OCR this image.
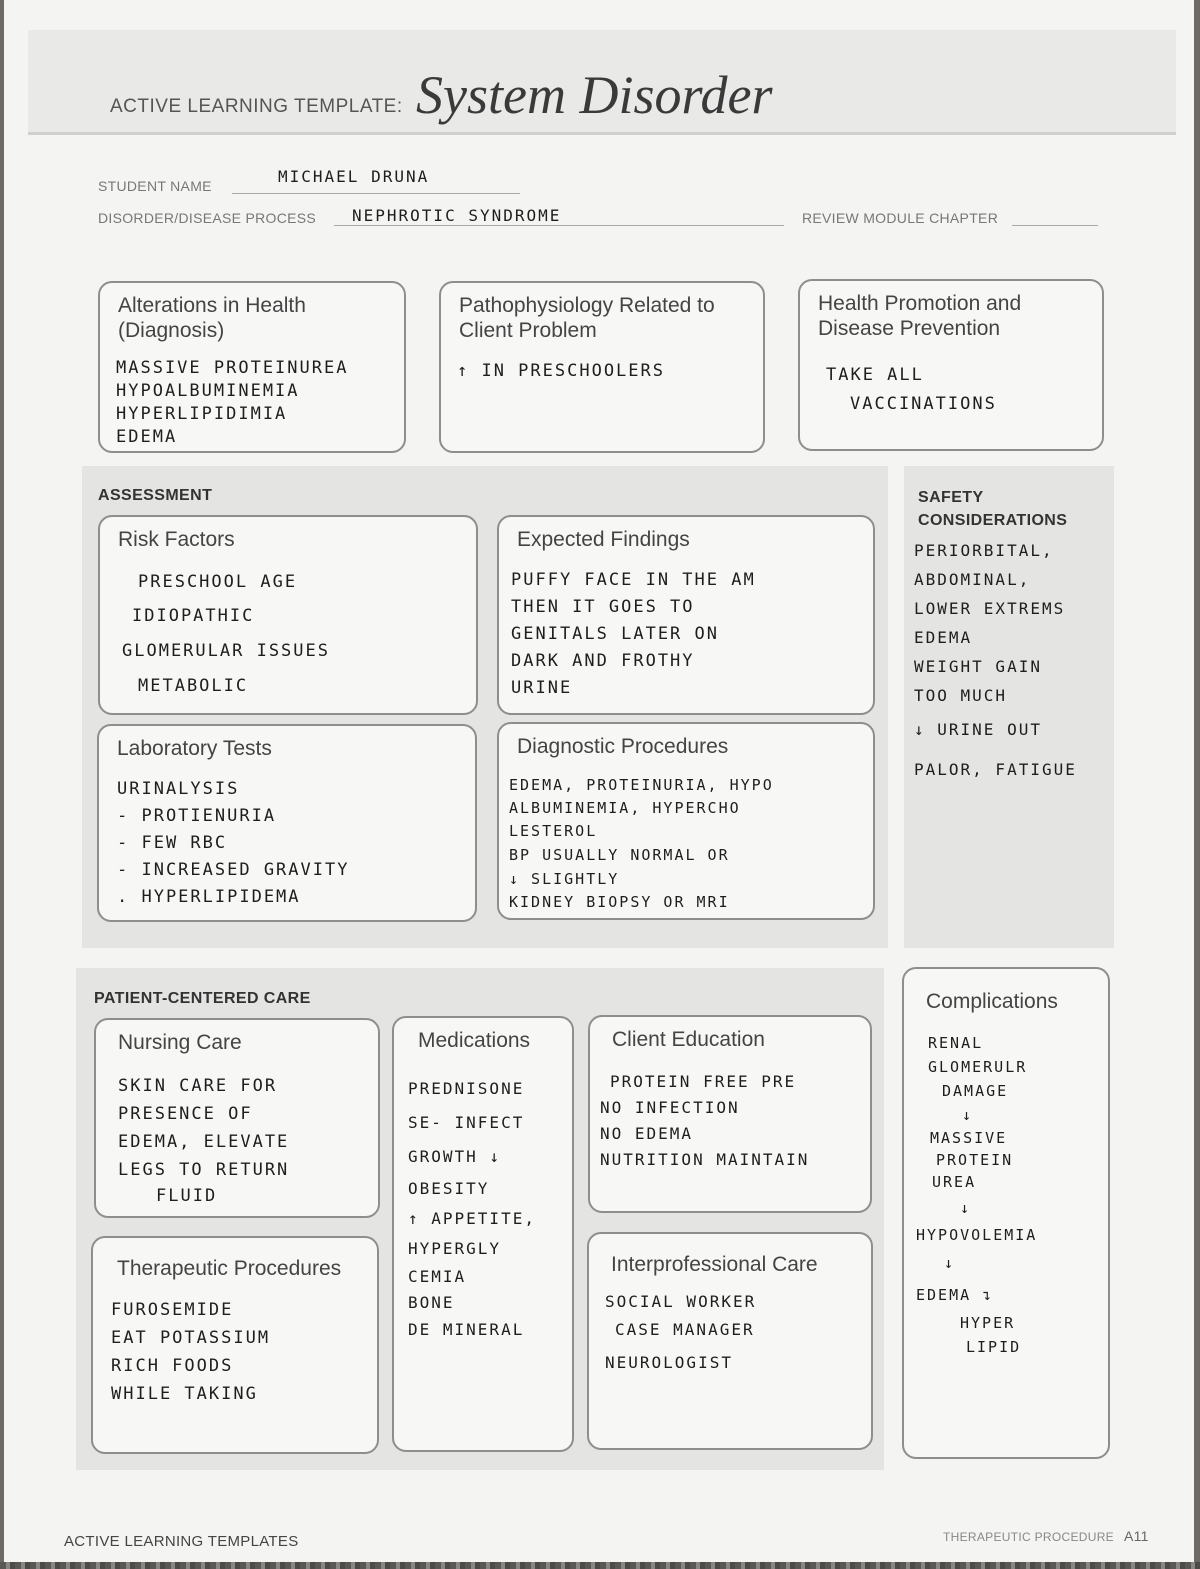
ACTIVE LEARNING TEMPLATE: System Disorder
STUDENT NAME	MICHAEL DRUNA
DISORDER/DISEASE PROCESS NEPHROTIC SYNDROME	REVIEW MODULE CHAPTER
Alterations in Health (Diagnosis)
MASSIVE PROTEINUREA
HYPOALBUMINEMIA
HYPERLIPIDIMIA
EDEMA
Pathophysiology Related to Client Problem
↑ IN PRESCHOOLERS
Health Promotion and Disease Prevention
TAKE ALL
VACCINATIONS
ASSESSMENT
Risk Factors
PRESCHOOL AGE
IDIOPATHIC
GLOMERULAR ISSUES
METABOLIC
Expected Findings
PUFFY FACE IN THE AM
THEN IT GOES TO
GENITALS LATER ON
DARK AND FROTHY
URINE
Laboratory Tests
URINALYSIS
- PROTIENURIA
- FEW RBC
- INCREASED GRAVITY
. HYPERLIPIDEMA
Diagnostic Procedures
EDEMA, PROTEINURIA, HYPO
ALBUMINEMIA, HYPERCHO
LESTEROL
BP USUALLY NORMAL OR
↓ SLIGHTLY
KIDNEY BIOPSY OR MRI
SAFETY CONSIDERATIONS
PERIORBITAL,
ABDOMINAL,
LOWER EXTREMS
EDEMA
WEIGHT GAIN
TOO MUCH
↓ URINE OUT
PALOR, FATIGUE
PATIENT-CENTERED CARE
Nursing Care
SKIN CARE FOR
PRESENCE OF
EDEMA, ELEVATE
LEGS TO RETURN
FLUID
Therapeutic Procedures
FUROSEMIDE
EAT POTASSIUM
RICH FOODS
WHILE TAKING
Medications
PREDNISONE
SE- INFECT
GROWTH ↓
OBESITY
↑ APPETITE,
HYPERGLY
CEMIA
BONE
DE MINERAL
Client Education
PROTEIN FREE PRE
NO INFECTION
NO EDEMA
NUTRITION MAINTAIN
Interprofessional Care
SOCIAL WORKER
CASE MANAGER
NEUROLOGIST
Complications
RENAL
GLOMERULR
DAMAGE
↓
MASSIVE
PROTEIN
UREA
↓
HYPOVOLEMIA
↓
EDEMA ↴
HYPER
LIPID
ACTIVE LEARNING TEMPLATES	THERAPEUTIC PROCEDURE A11
